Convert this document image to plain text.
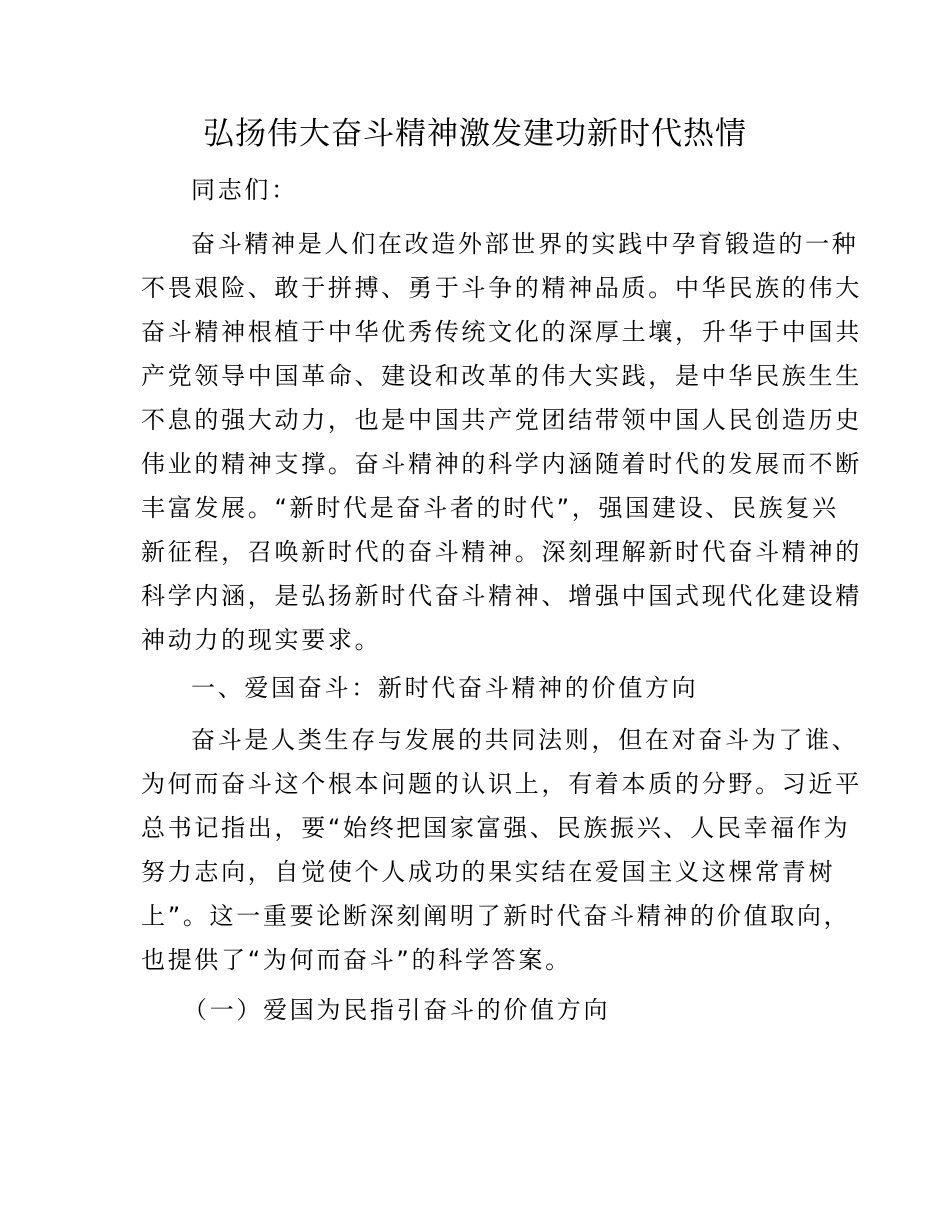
弘扬伟大奋斗精神激发建功新时代热情
同志们：
奋斗精神是人们在改造外部世界的实践中孕育锻造的一种
不畏艰险、敢于拼搏、勇于斗争的精神品质。中华民族的伟大
奋斗精神根植于中华优秀传统文化的深厚土壤，升华于中国共
产党领导中国革命、建设和改革的伟大实践，是中华民族生生
不息的强大动力，也是中国共产党团结带领中国人民创造历史
伟业的精神支撑。奋斗精神的科学内涵随着时代的发展而不断
丰富发展。“新时代是奋斗者的时代”，强国建设、民族复兴
新征程，召唤新时代的奋斗精神。深刻理解新时代奋斗精神的
科学内涵，是弘扬新时代奋斗精神、增强中国式现代化建设精
神动力的现实要求。
一、爱国奋斗：新时代奋斗精神的价值方向
奋斗是人类生存与发展的共同法则，但在对奋斗为了谁、
为何而奋斗这个根本问题的认识上，有着本质的分野。习近平
总书记指出，要“始终把国家富强、民族振兴、人民幸福作为
努力志向，自觉使个人成功的果实结在爱国主义这棵常青树
上”。这一重要论断深刻阐明了新时代奋斗精神的价值取向，
也提供了“为何而奋斗”的科学答案。
（一）爱国为民指引奋斗的价值方向
